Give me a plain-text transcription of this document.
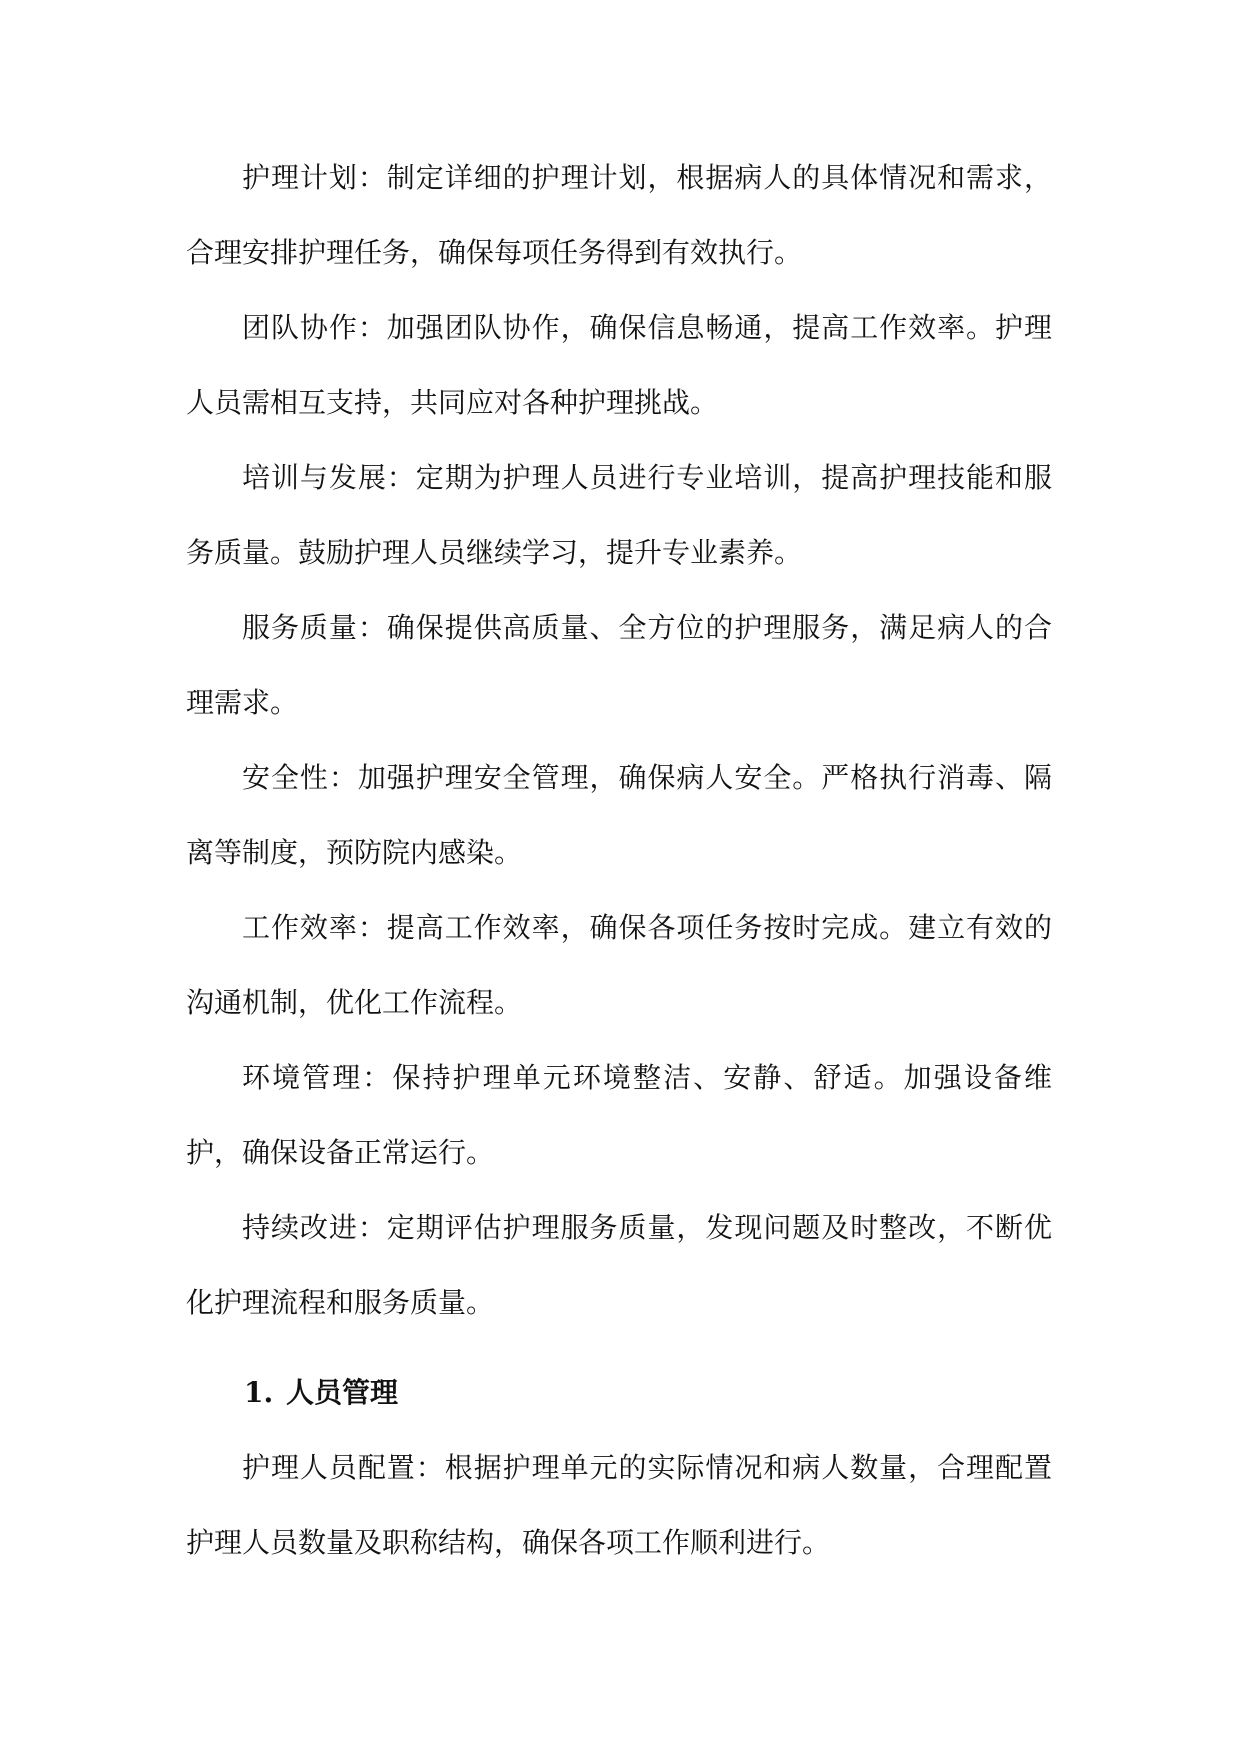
护理计划：制定详细的护理计划，根据病人的具体情况和需求，合理安排护理任务，确保每项任务得到有效执行。

团队协作：加强团队协作，确保信息畅通，提高工作效率。护理人员需相互支持，共同应对各种护理挑战。

培训与发展：定期为护理人员进行专业培训，提高护理技能和服务质量。鼓励护理人员继续学习，提升专业素养。

服务质量：确保提供高质量、全方位的护理服务，满足病人的合理需求。

安全性：加强护理安全管理，确保病人安全。严格执行消毒、隔离等制度，预防院内感染。

工作效率：提高工作效率，确保各项任务按时完成。建立有效的沟通机制，优化工作流程。

环境管理：保持护理单元环境整洁、安静、舒适。加强设备维护，确保设备正常运行。

持续改进：定期评估护理服务质量，发现问题及时整改，不断优化护理流程和服务质量。

1. 人员管理

护理人员配置：根据护理单元的实际情况和病人数量，合理配置护理人员数量及职称结构，确保各项工作顺利进行。
